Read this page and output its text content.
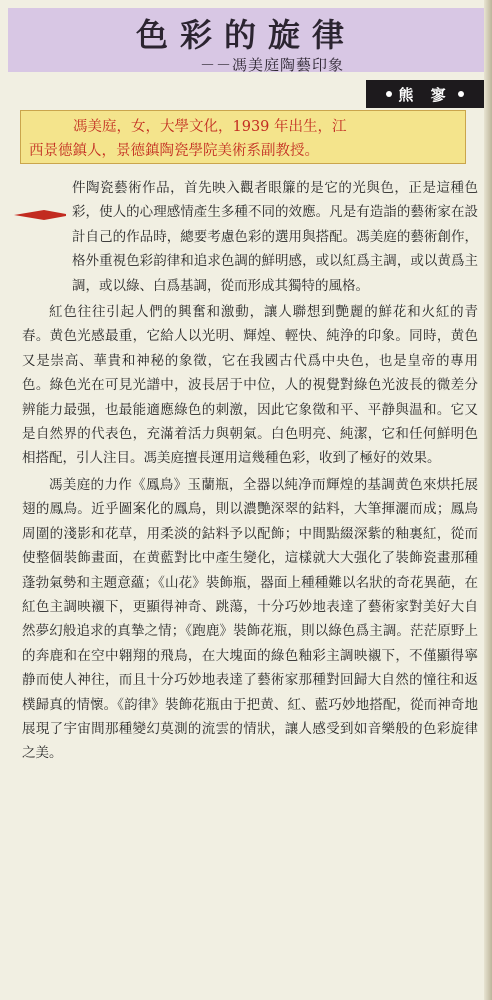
色彩的旋律
－－馮美庭陶藝印象
熊 寥
馮美庭，女，大學文化，1939 年出生，江
西景德鎮人，景德鎮陶瓷學院美術系副教授。

件陶瓷藝術作品，首先映入觀者眼簾的是它的光與色，正是這種色彩，使人的心理感情產生多種不同的效應。凡是有造詣的藝術家在設計自己的作品時，總要考慮色彩的選用與搭配。馮美庭的藝術創作，格外重視色彩韵律和追求色調的鮮明感，或以紅爲主調，或以黄爲主調，或以綠、白爲基調，從而形成其獨特的風格。

紅色往往引起人們的興奮和激動，讓人聯想到艷麗的鮮花和火紅的青春。黄色光感最重，它給人以光明、輝煌、輕快、純浄的印象。同時，黄色又是崇高、華貴和神秘的象徵，它在我國古代爲中央色，也是皇帝的專用色。綠色光在可見光譜中，波長居于中位，人的視覺對綠色光波長的微差分辨能力最强，也最能適應綠色的刺激，因此它象徵和平、平静與温和。它又是自然界的代表色，充滿着活力與朝氣。白色明亮、純潔，它和任何鮮明色相搭配，引人注目。馮美庭擅長運用這幾種色彩，收到了極好的效果。

馮美庭的力作《鳳鳥》玉蘭瓶，全器以純净而輝煌的基調黄色來烘托展翅的鳳鳥。近乎圖案化的鳳鳥，則以濃艷深翠的鈷料，大筆揮灑而成；鳳鳥周圍的淺影和花草，用柔淡的鈷料予以配飾；中間點綴深紫的釉裏紅，從而使整個裝飾畫面，在黄藍對比中產生變化，這樣就大大强化了裝飾瓷畫那種蓬勃氣勢和主題意蘊；《山花》裝飾瓶，器面上種種難以名狀的奇花異葩，在紅色主調映襯下，更顯得神奇、跳蕩，十分巧妙地表達了藝術家對美好大自然夢幻般追求的真摯之情；《跑鹿》裝飾花瓶，則以綠色爲主調。茫茫原野上的奔鹿和在空中翱翔的飛鳥，在大塊面的綠色釉彩主調映襯下，不僅顯得寧静而使人神往，而且十分巧妙地表達了藝術家那種對回歸大自然的憧往和返樸歸真的情懷。《韵律》裝飾花瓶由于把黄、紅、藍巧妙地搭配，從而神奇地展現了宇宙間那種變幻莫測的流雲的情狀，讓人感受到如音樂般的色彩旋律之美。
